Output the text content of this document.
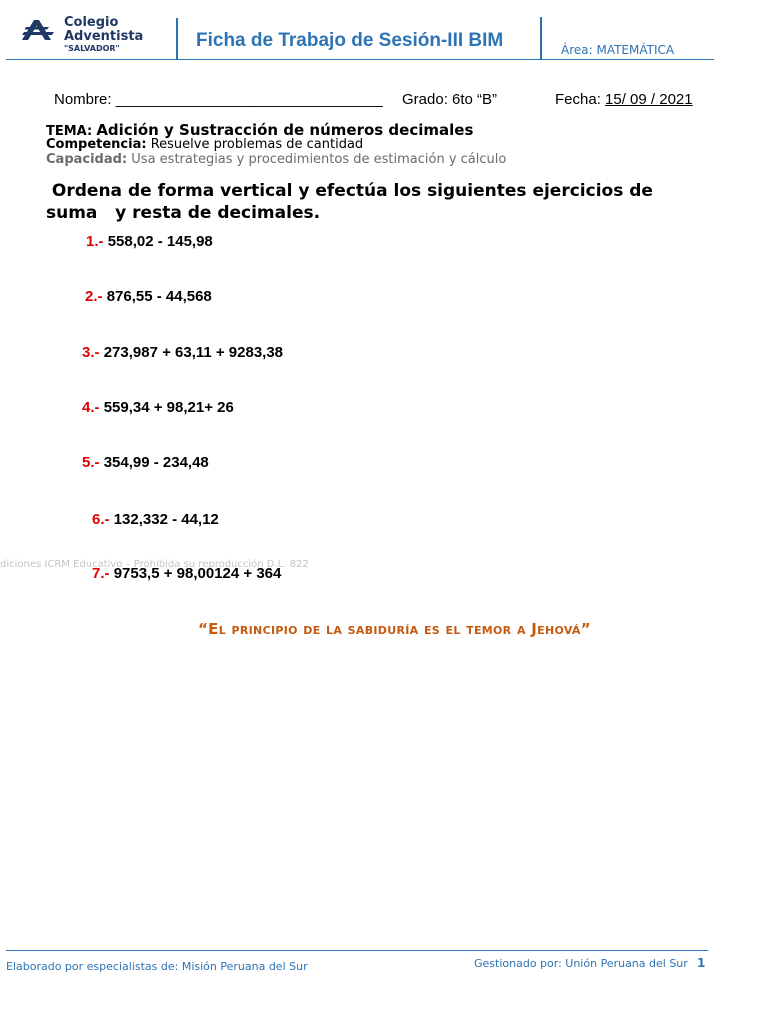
Colegio
Adventista
"SALVADOR"	Ficha de Trabajo de Sesión-III BIM	Área: MATEMÁTICA
Nombre: ________________________________ Grado: 6to “B”	Fecha: 15/ 09 / 2021
TEMA: Adición y Sustracción de números decimales
Competencia: Resuelve problemas de cantidad
Capacidad: Usa estrategias y procedimientos de estimación y cálculo
Ordena de forma vertical y efectúa los siguientes ejercicios de suma   y resta de decimales.
1.- 558,02 - 145,98
2.- 876,55 - 44,568
3.- 273,987 + 63,11 + 9283,38
4.- 559,34 + 98,21+ 26
5.- 354,99 - 234,48
6.- 132,332 - 44,12
diciones ICRM Educativo – Prohibida su reproducción D.L. 822
7.- 9753,5 + 98,00124 + 364
“El principio de la sabiduría es el temor a Jehová”
Elaborado por especialistas de: Misión Peruana del Sur	Gestionado por: Unión Peruana del Sur 1
